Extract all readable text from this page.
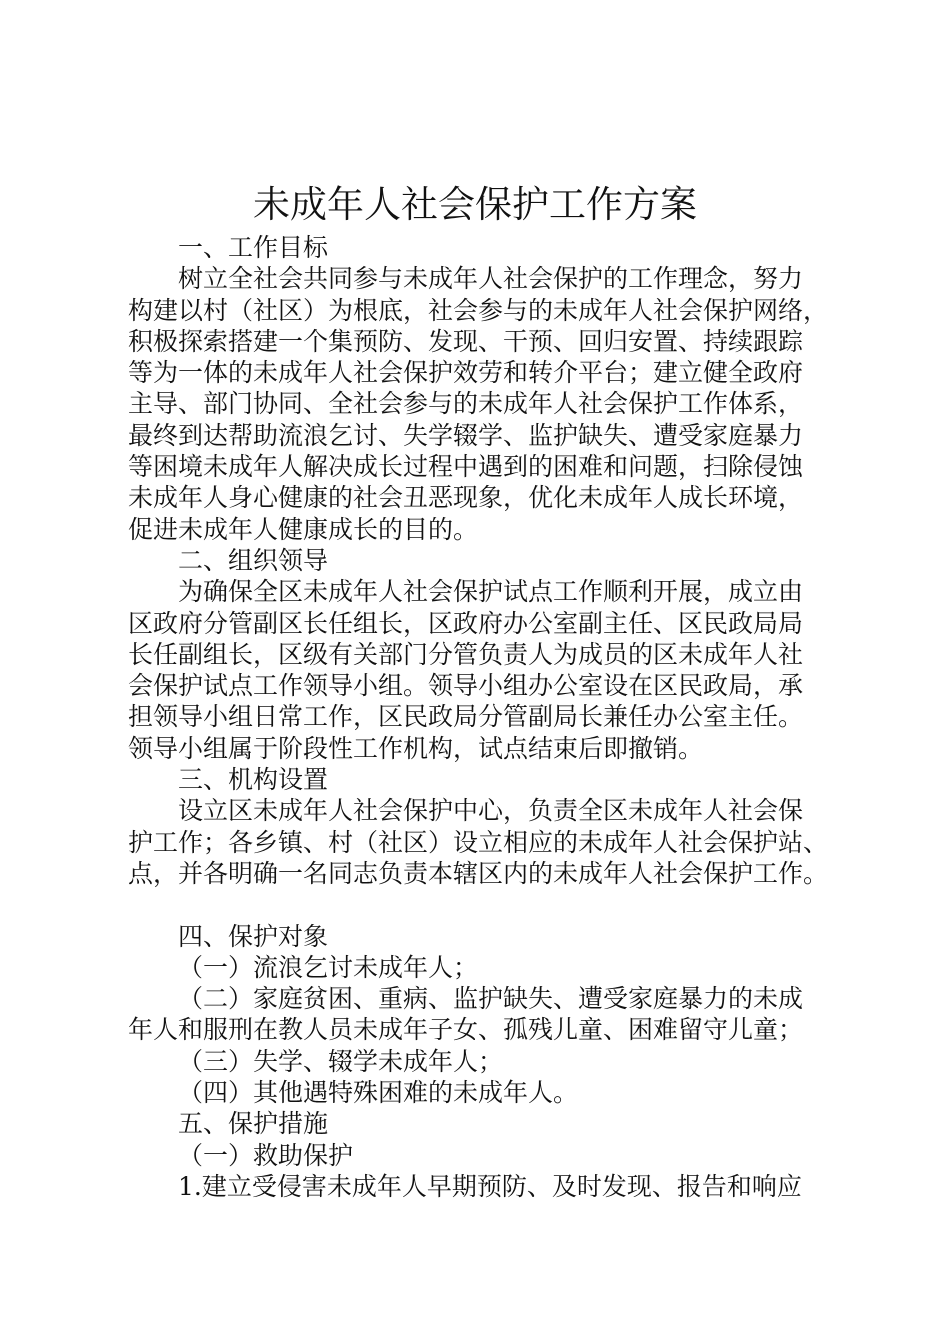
未成年人社会保护工作方案
一、工作目标
树立全社会共同参与未成年人社会保护的工作理念，努力
构建以村（社区）为根底，社会参与的未成年人社会保护网络，
积极探索搭建一个集预防、发现、干预、回归安置、持续跟踪
等为一体的未成年人社会保护效劳和转介平台；建立健全政府
主导、部门协同、全社会参与的未成年人社会保护工作体系，
最终到达帮助流浪乞讨、失学辍学、监护缺失、遭受家庭暴力
等困境未成年人解决成长过程中遇到的困难和问题，扫除侵蚀
未成年人身心健康的社会丑恶现象，优化未成年人成长环境，
促进未成年人健康成长的目的。
二、组织领导
为确保全区未成年人社会保护试点工作顺利开展，成立由
区政府分管副区长任组长，区政府办公室副主任、区民政局局
长任副组长，区级有关部门分管负责人为成员的区未成年人社
会保护试点工作领导小组。领导小组办公室设在区民政局，承
担领导小组日常工作，区民政局分管副局长兼任办公室主任。
领导小组属于阶段性工作机构，试点结束后即撤销。
三、机构设置
设立区未成年人社会保护中心，负责全区未成年人社会保
护工作；各乡镇、村（社区）设立相应的未成年人社会保护站、
点，并各明确一名同志负责本辖区内的未成年人社会保护工作。
四、保护对象
（一）流浪乞讨未成年人；
（二）家庭贫困、重病、监护缺失、遭受家庭暴力的未成
年人和服刑在教人员未成年子女、孤残儿童、困难留守儿童；
（三）失学、辍学未成年人；
（四）其他遇特殊困难的未成年人。
五、保护措施
（一）救助保护
1.建立受侵害未成年人早期预防、及时发现、报告和响应
